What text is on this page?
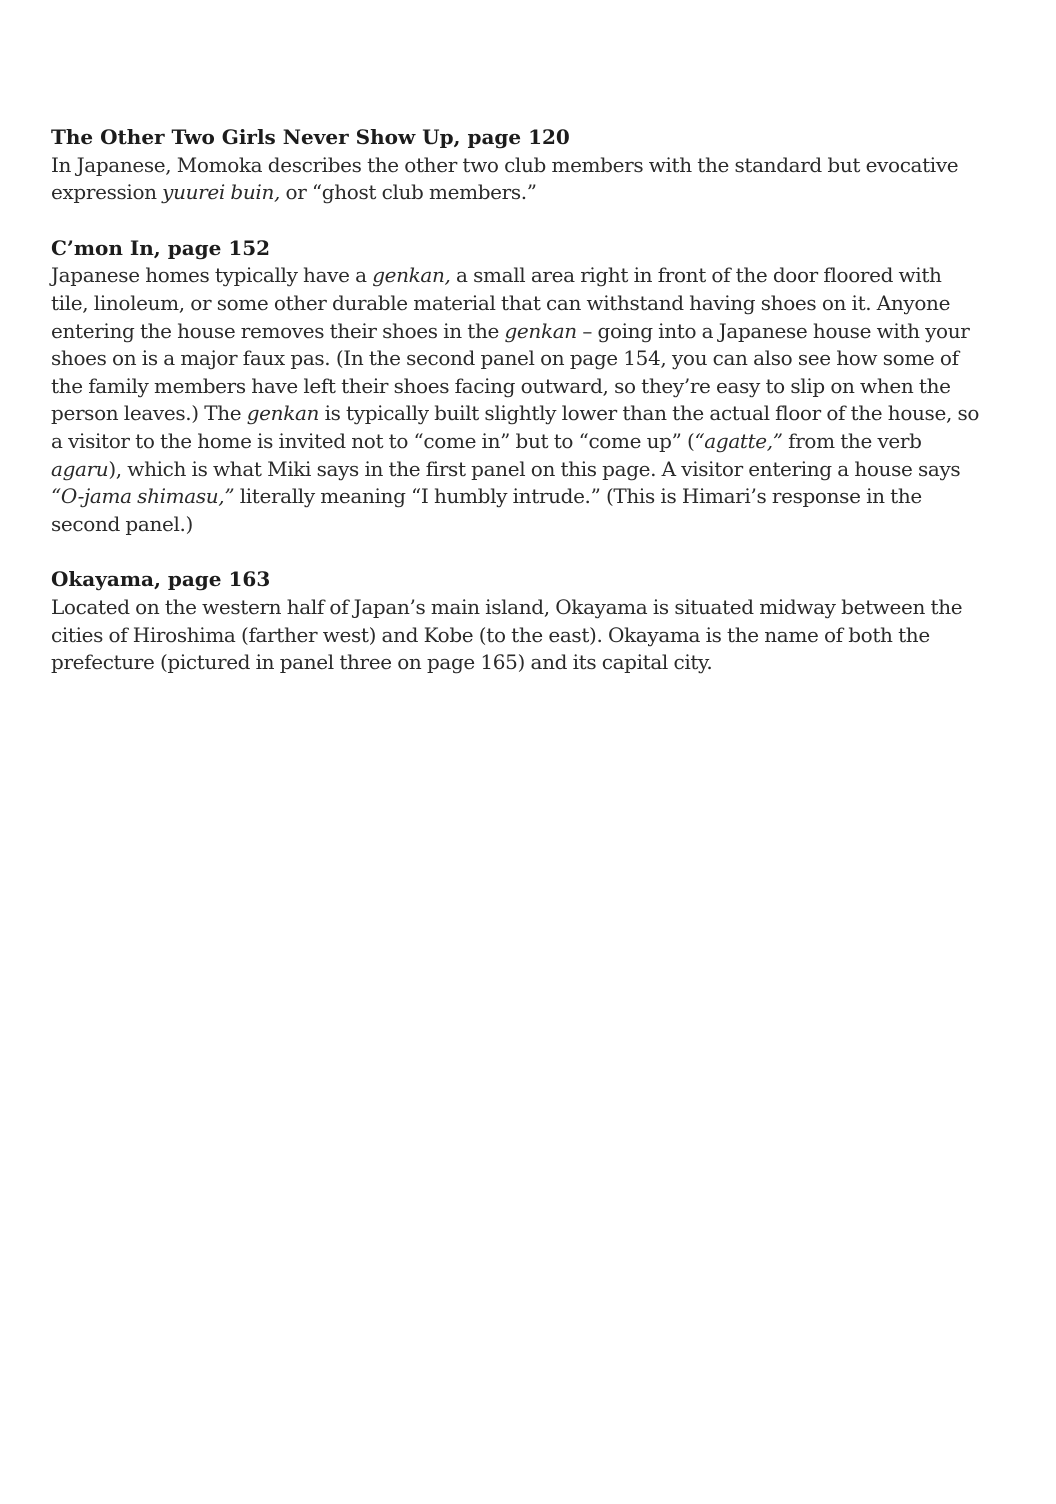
The Other Two Girls Never Show Up, page 120

In Japanese, Momoka describes the other two club members with the standard but evocative expression yuurei buin, or “ghost club members.”

C’mon In, page 152

Japanese homes typically have a genkan, a small area right in front of the door floored with tile, linoleum, or some other durable material that can withstand having shoes on it. Anyone entering the house removes their shoes in the genkan – going into a Japanese house with your shoes on is a major faux pas. (In the second panel on page 154, you can also see how some of the family members have left their shoes facing outward, so they’re easy to slip on when the person leaves.) The genkan is typically built slightly lower than the actual floor of the house, so a visitor to the home is invited not to “come in” but to “come up” (“agatte,” from the verb agaru), which is what Miki says in the first panel on this page. A visitor entering a house says “O-jama shimasu,” literally meaning “I humbly intrude.” (This is Himari’s response in the second panel.)

Okayama, page 163

Located on the western half of Japan’s main island, Okayama is situated midway between the cities of Hiroshima (farther west) and Kobe (to the east). Okayama is the name of both the prefecture (pictured in panel three on page 165) and its capital city.
